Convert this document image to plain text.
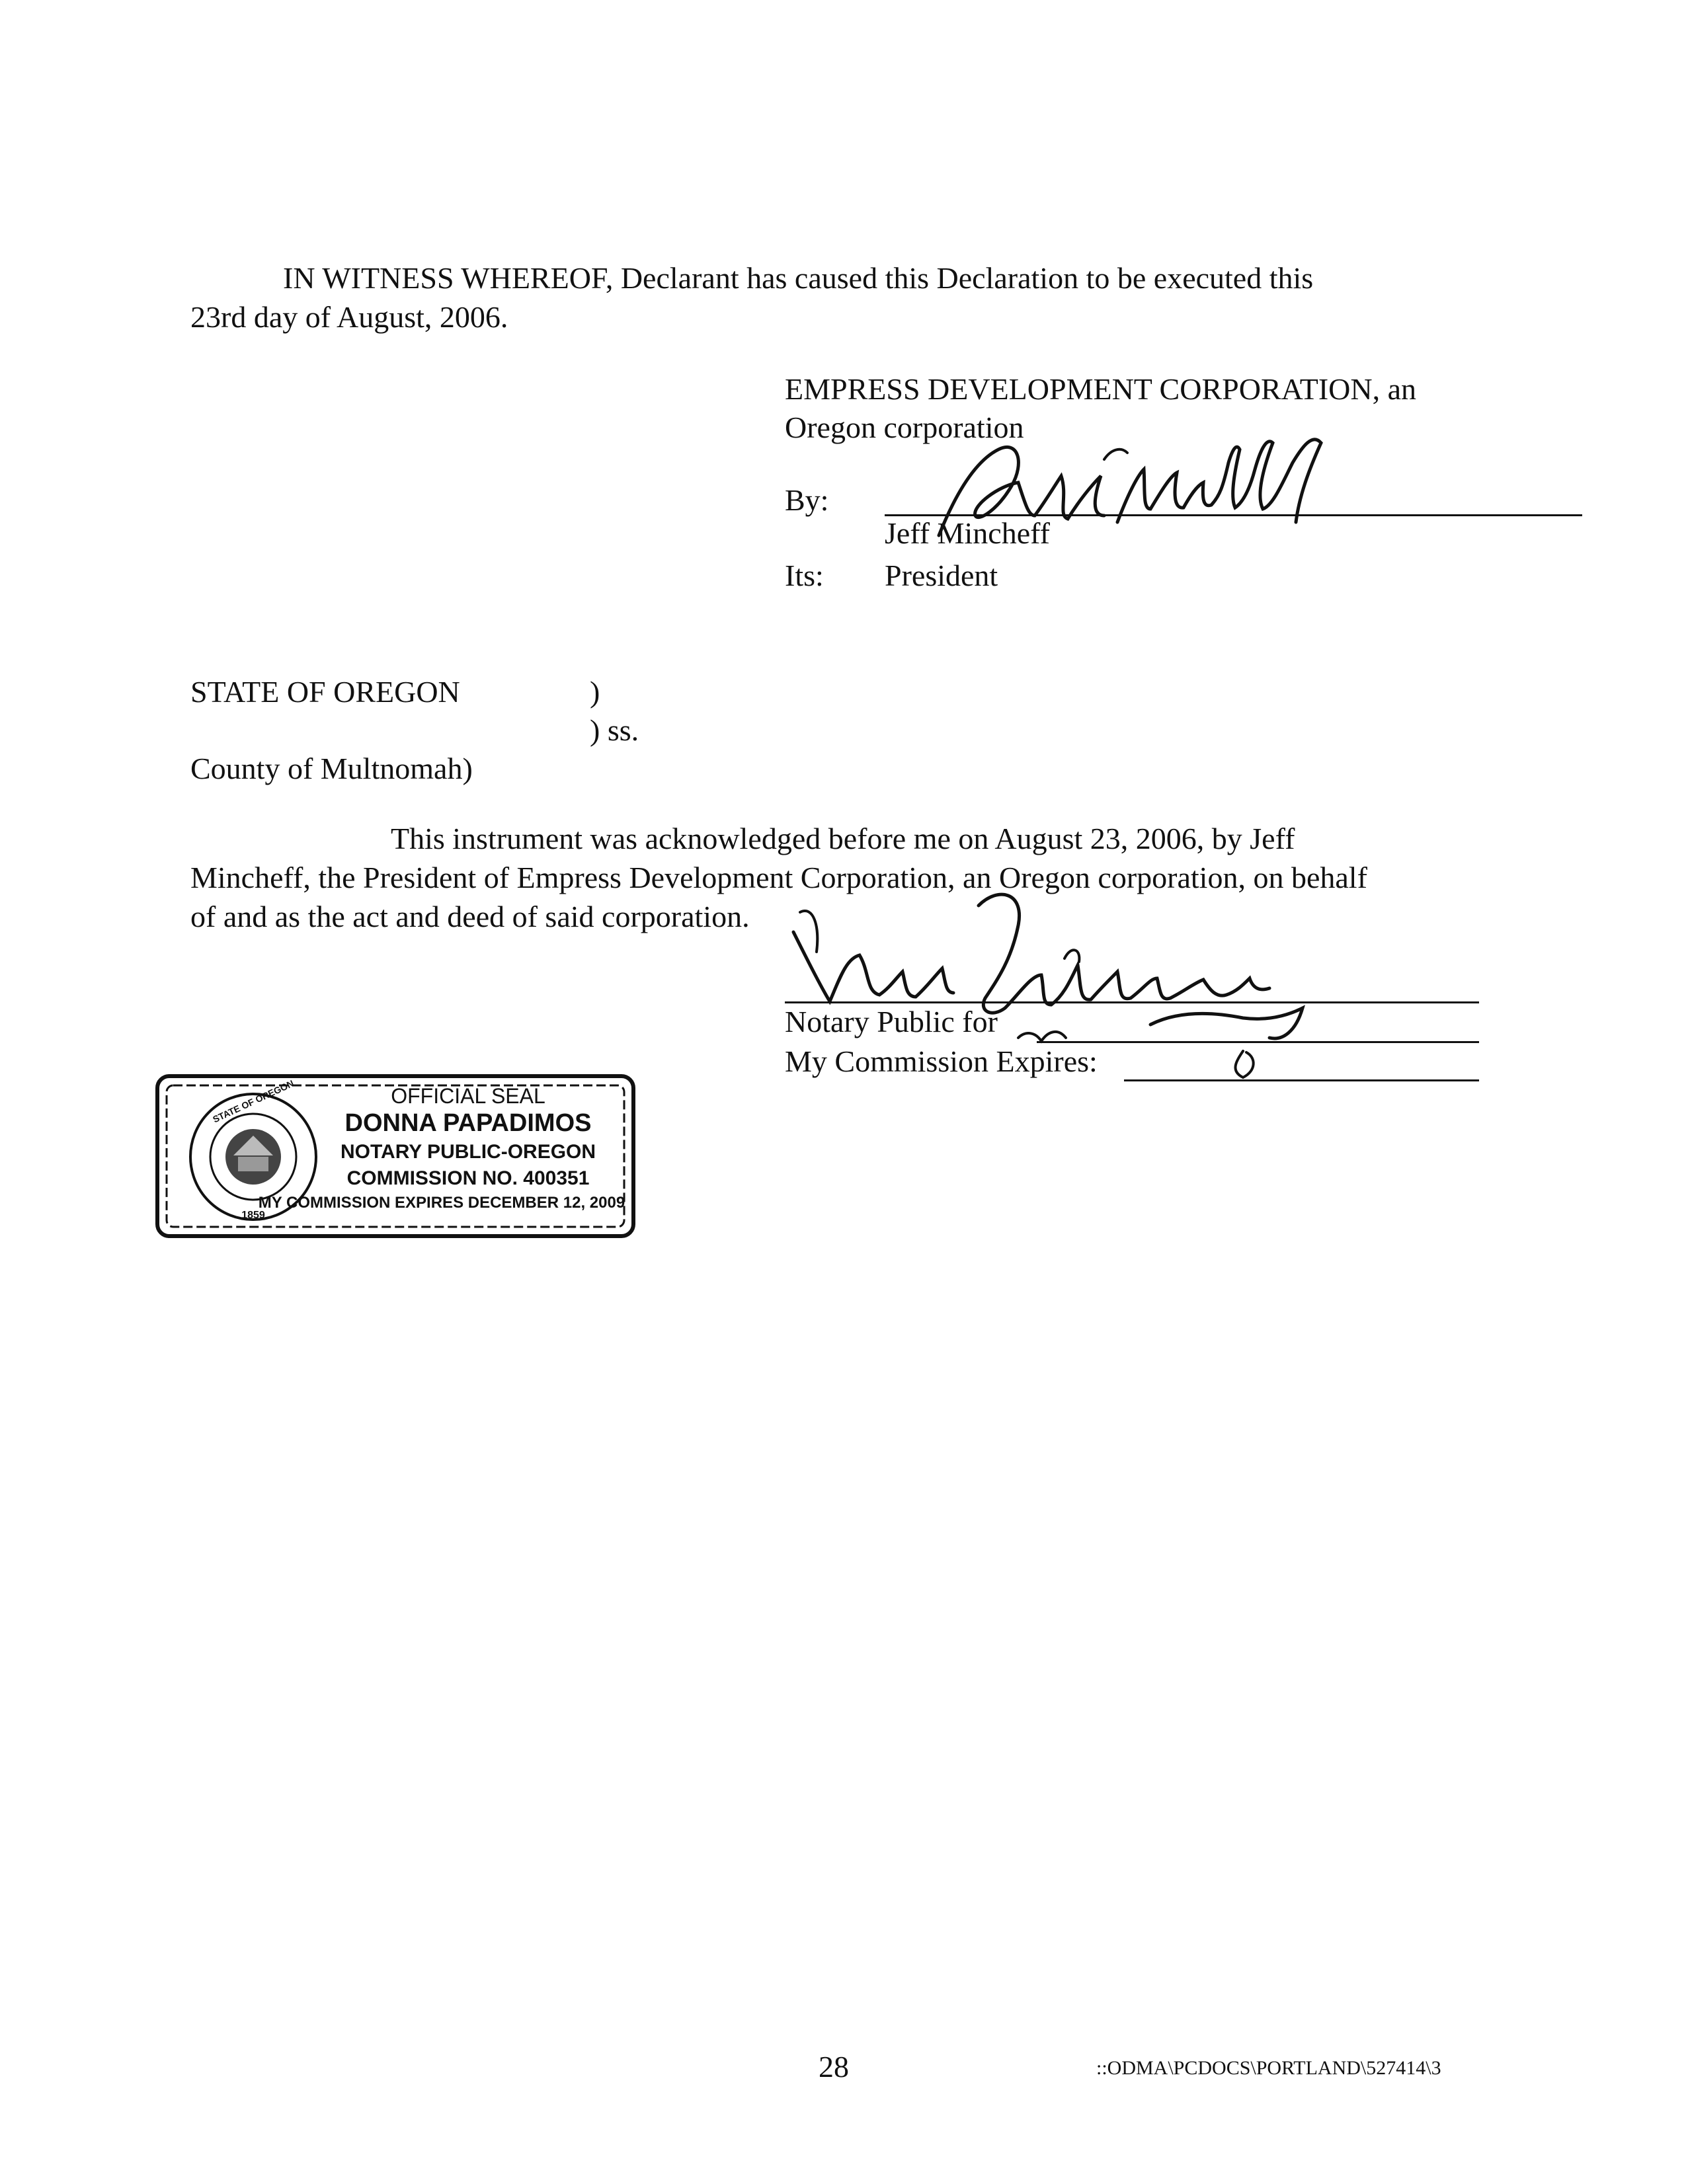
IN WITNESS WHEREOF, Declarant has caused this Declaration to be executed this
23rd day of August, 2006.
EMPRESS DEVELOPMENT CORPORATION, an
Oregon corporation
By:
Jeff Mincheff
Its: President
STATE OF OREGON	)
) ss.
County of Multnomah)
This instrument was acknowledged before me on August 23, 2006, by Jeff
Mincheff, the President of Empress Development Corporation, an Oregon corporation, on behalf
of and as the act and deed of said corporation.
Notary Public for
My Commission Expires:
STATE OF OREGON
1859
OFFICIAL SEAL
DONNA PAPADIMOS
NOTARY PUBLIC-OREGON
COMMISSION NO. 400351
MY COMMISSION EXPIRES DECEMBER 12, 2009
28	::ODMA\PCDOCS\PORTLAND\527414\3
